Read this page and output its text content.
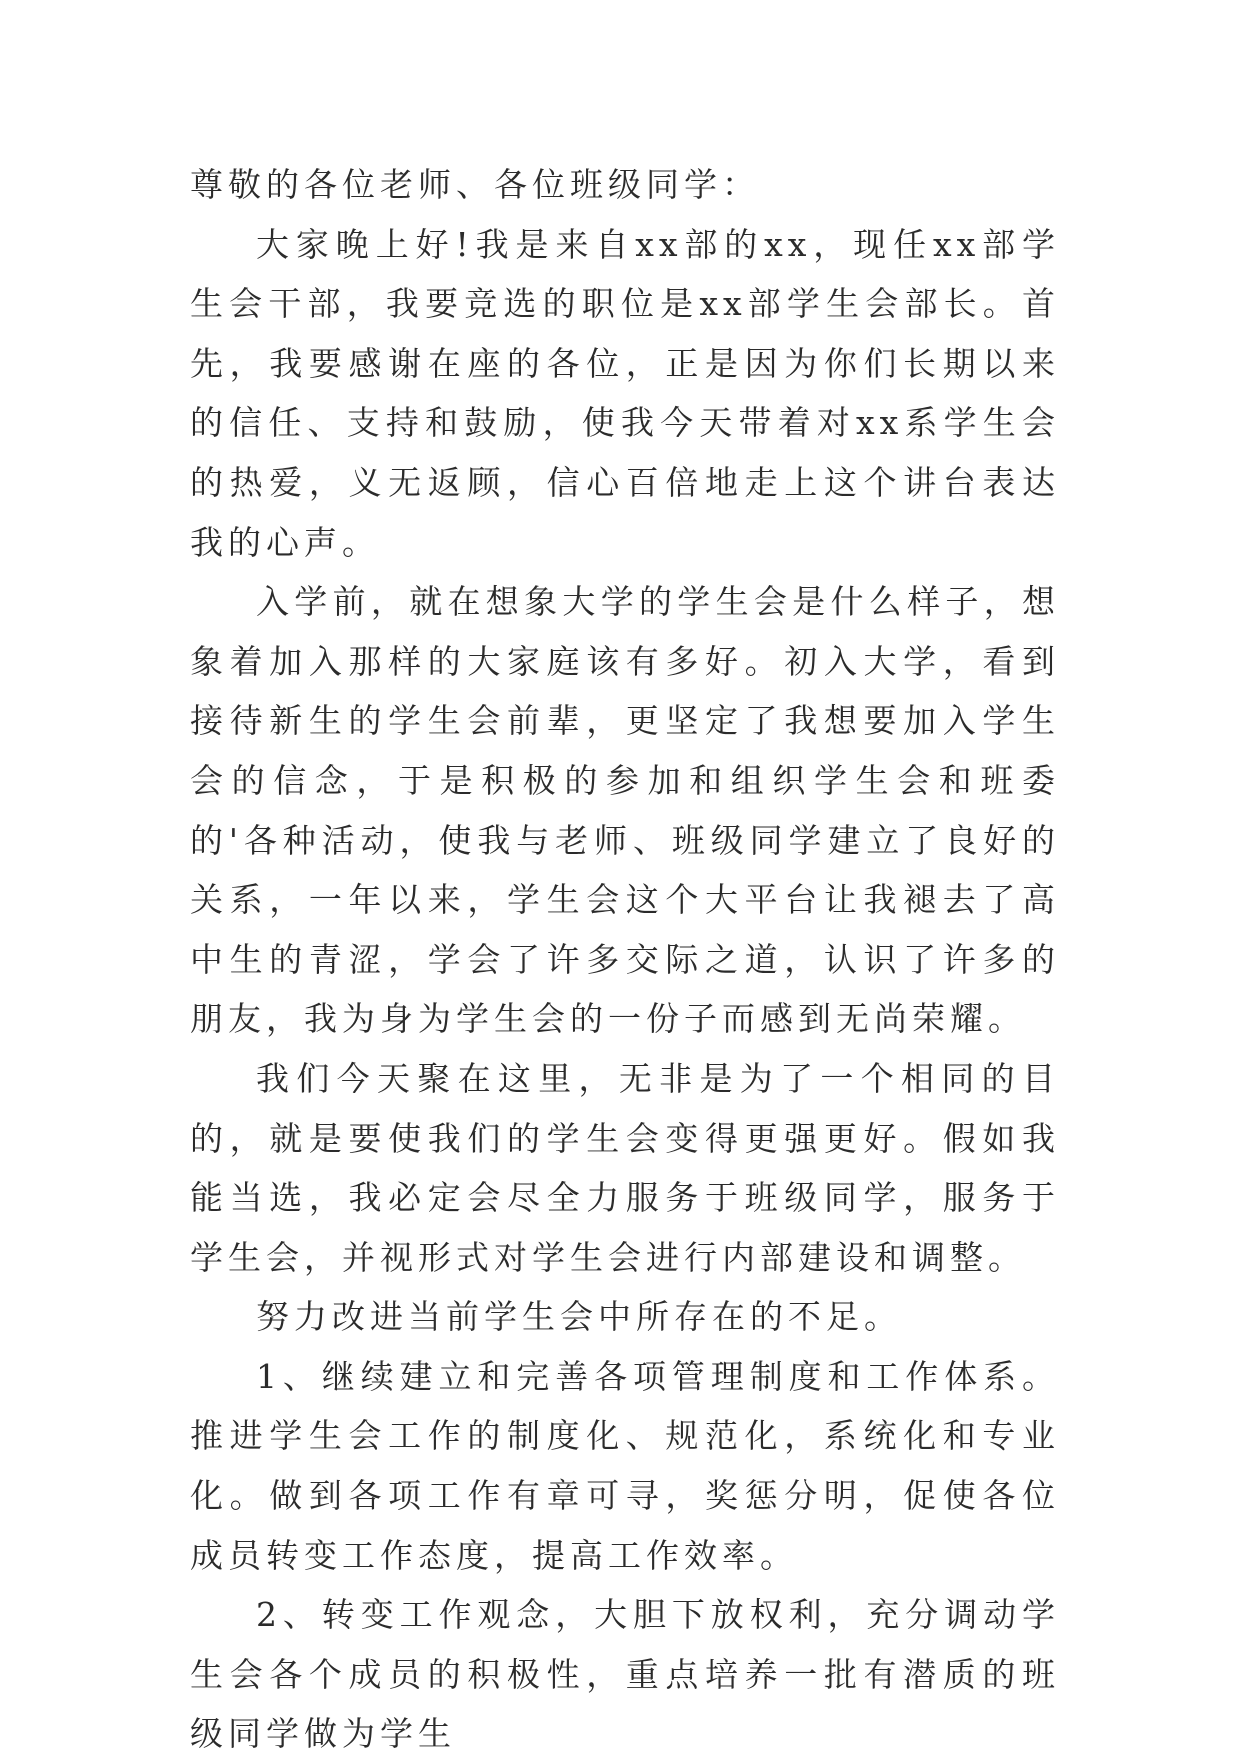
尊敬的各位老师、各位班级同学：

大家晚上好!我是来自xx部的xx，现任xx部学生会干部，我要竞选的职位是xx部学生会部长。首先，我要感谢在座的各位，正是因为你们长期以来的信任、支持和鼓励，使我今天带着对xx系学生会的热爱，义无返顾，信心百倍地走上这个讲台表达我的心声。

入学前，就在想象大学的学生会是什么样子，想象着加入那样的大家庭该有多好。初入大学，看到接待新生的学生会前辈，更坚定了我想要加入学生会的信念，于是积极的参加和组织学生会和班委的'各种活动，使我与老师、班级同学建立了良好的关系，一年以来，学生会这个大平台让我褪去了高中生的青涩，学会了许多交际之道，认识了许多的朋友，我为身为学生会的一份子而感到无尚荣耀。

我们今天聚在这里，无非是为了一个相同的目的，就是要使我们的学生会变得更强更好。假如我能当选，我必定会尽全力服务于班级同学，服务于学生会，并视形式对学生会进行内部建设和调整。

努力改进当前学生会中所存在的不足。

1、继续建立和完善各项管理制度和工作体系。推进学生会工作的制度化、规范化，系统化和专业化。做到各项工作有章可寻，奖惩分明，促使各位成员转变工作态度，提高工作效率。

2、转变工作观念，大胆下放权利，充分调动学生会各个成员的积极性，重点培养一批有潜质的班级同学做为学生
